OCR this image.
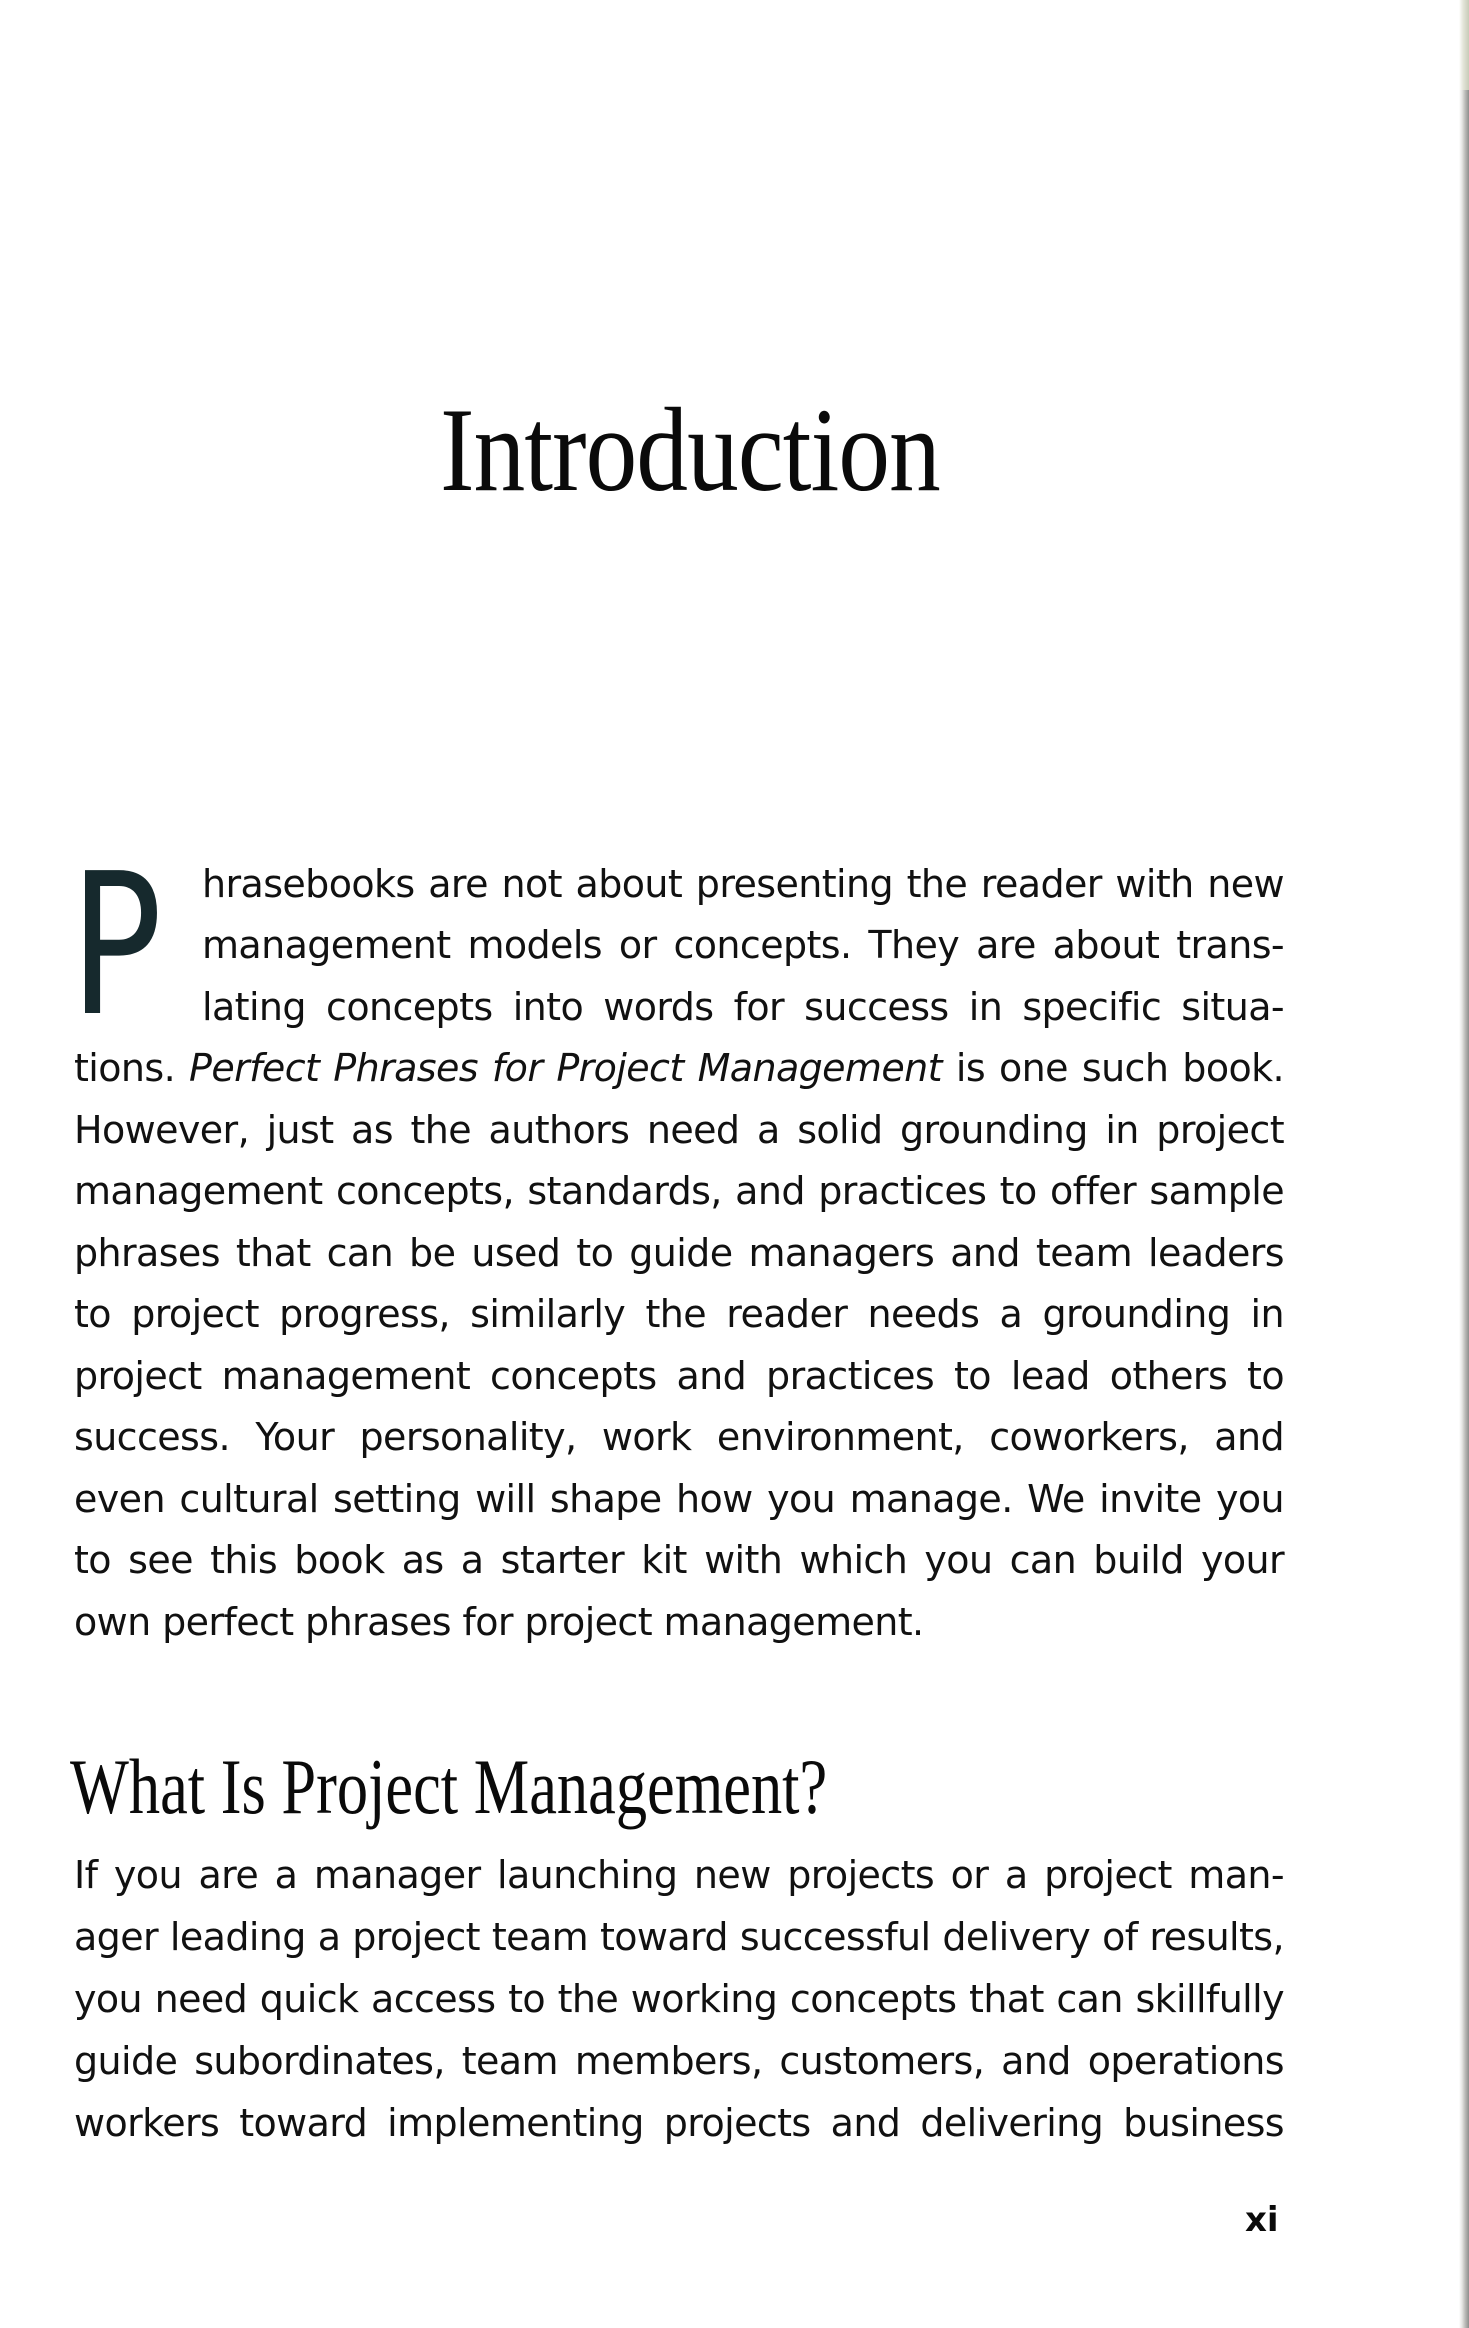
Introduction
P hrasebooks are not about presenting the reader with new
management models or concepts. They are about trans-
lating concepts into words for success in specific situa-
tions. Perfect Phrases for Project Management is one such book.
However, just as the authors need a solid grounding in project
management concepts, standards, and practices to offer sample
phrases that can be used to guide managers and team leaders
to project progress, similarly the reader needs a grounding in
project management concepts and practices to lead others to
success. Your personality, work environment, coworkers, and
even cultural setting will shape how you manage. We invite you
to see this book as a starter kit with which you can build your
own perfect phrases for project management.
What Is Project Management?
If you are a manager launching new projects or a project man-
ager leading a project team toward successful delivery of results,
you need quick access to the working concepts that can skillfully
guide subordinates, team members, customers, and operations
workers toward implementing projects and delivering business
xi
